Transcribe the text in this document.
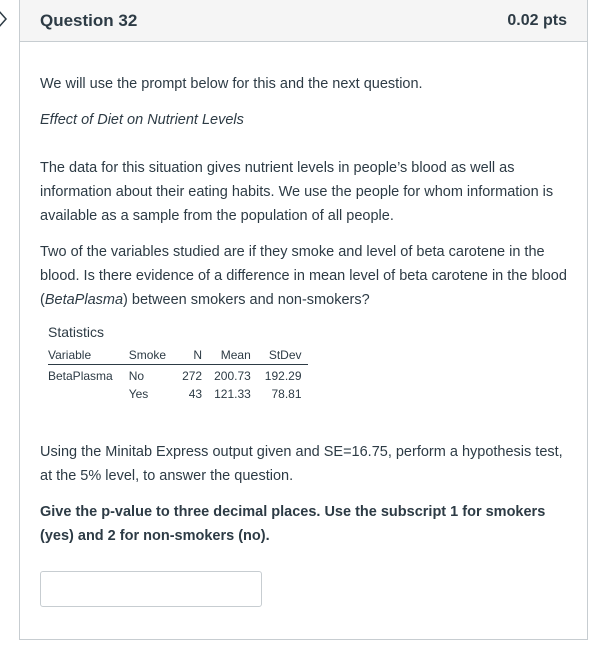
Question 32	0.02 pts

We will use the prompt below for this and the next question.

Effect of Diet on Nutrient Levels

The data for this situation gives nutrient levels in people’s blood as well as information about their eating habits. We use the people for whom information is available as a sample from the population of all people.

Two of the variables studied are if they smoke and level of beta carotene in the blood. Is there evidence of a difference in mean level of beta carotene in the blood (BetaPlasma) between smokers and non-smokers?

Statistics
Variable	Smoke	N	Mean	StDev
BetaPlasma	No	272	200.73	192.29
	Yes	43	121.33	78.81

Using the Minitab Express output given and SE=16.75, perform a hypothesis test, at the 5% level, to answer the question.

Give the p-value to three decimal places. Use the subscript 1 for smokers (yes) and 2 for non-smokers (no).
